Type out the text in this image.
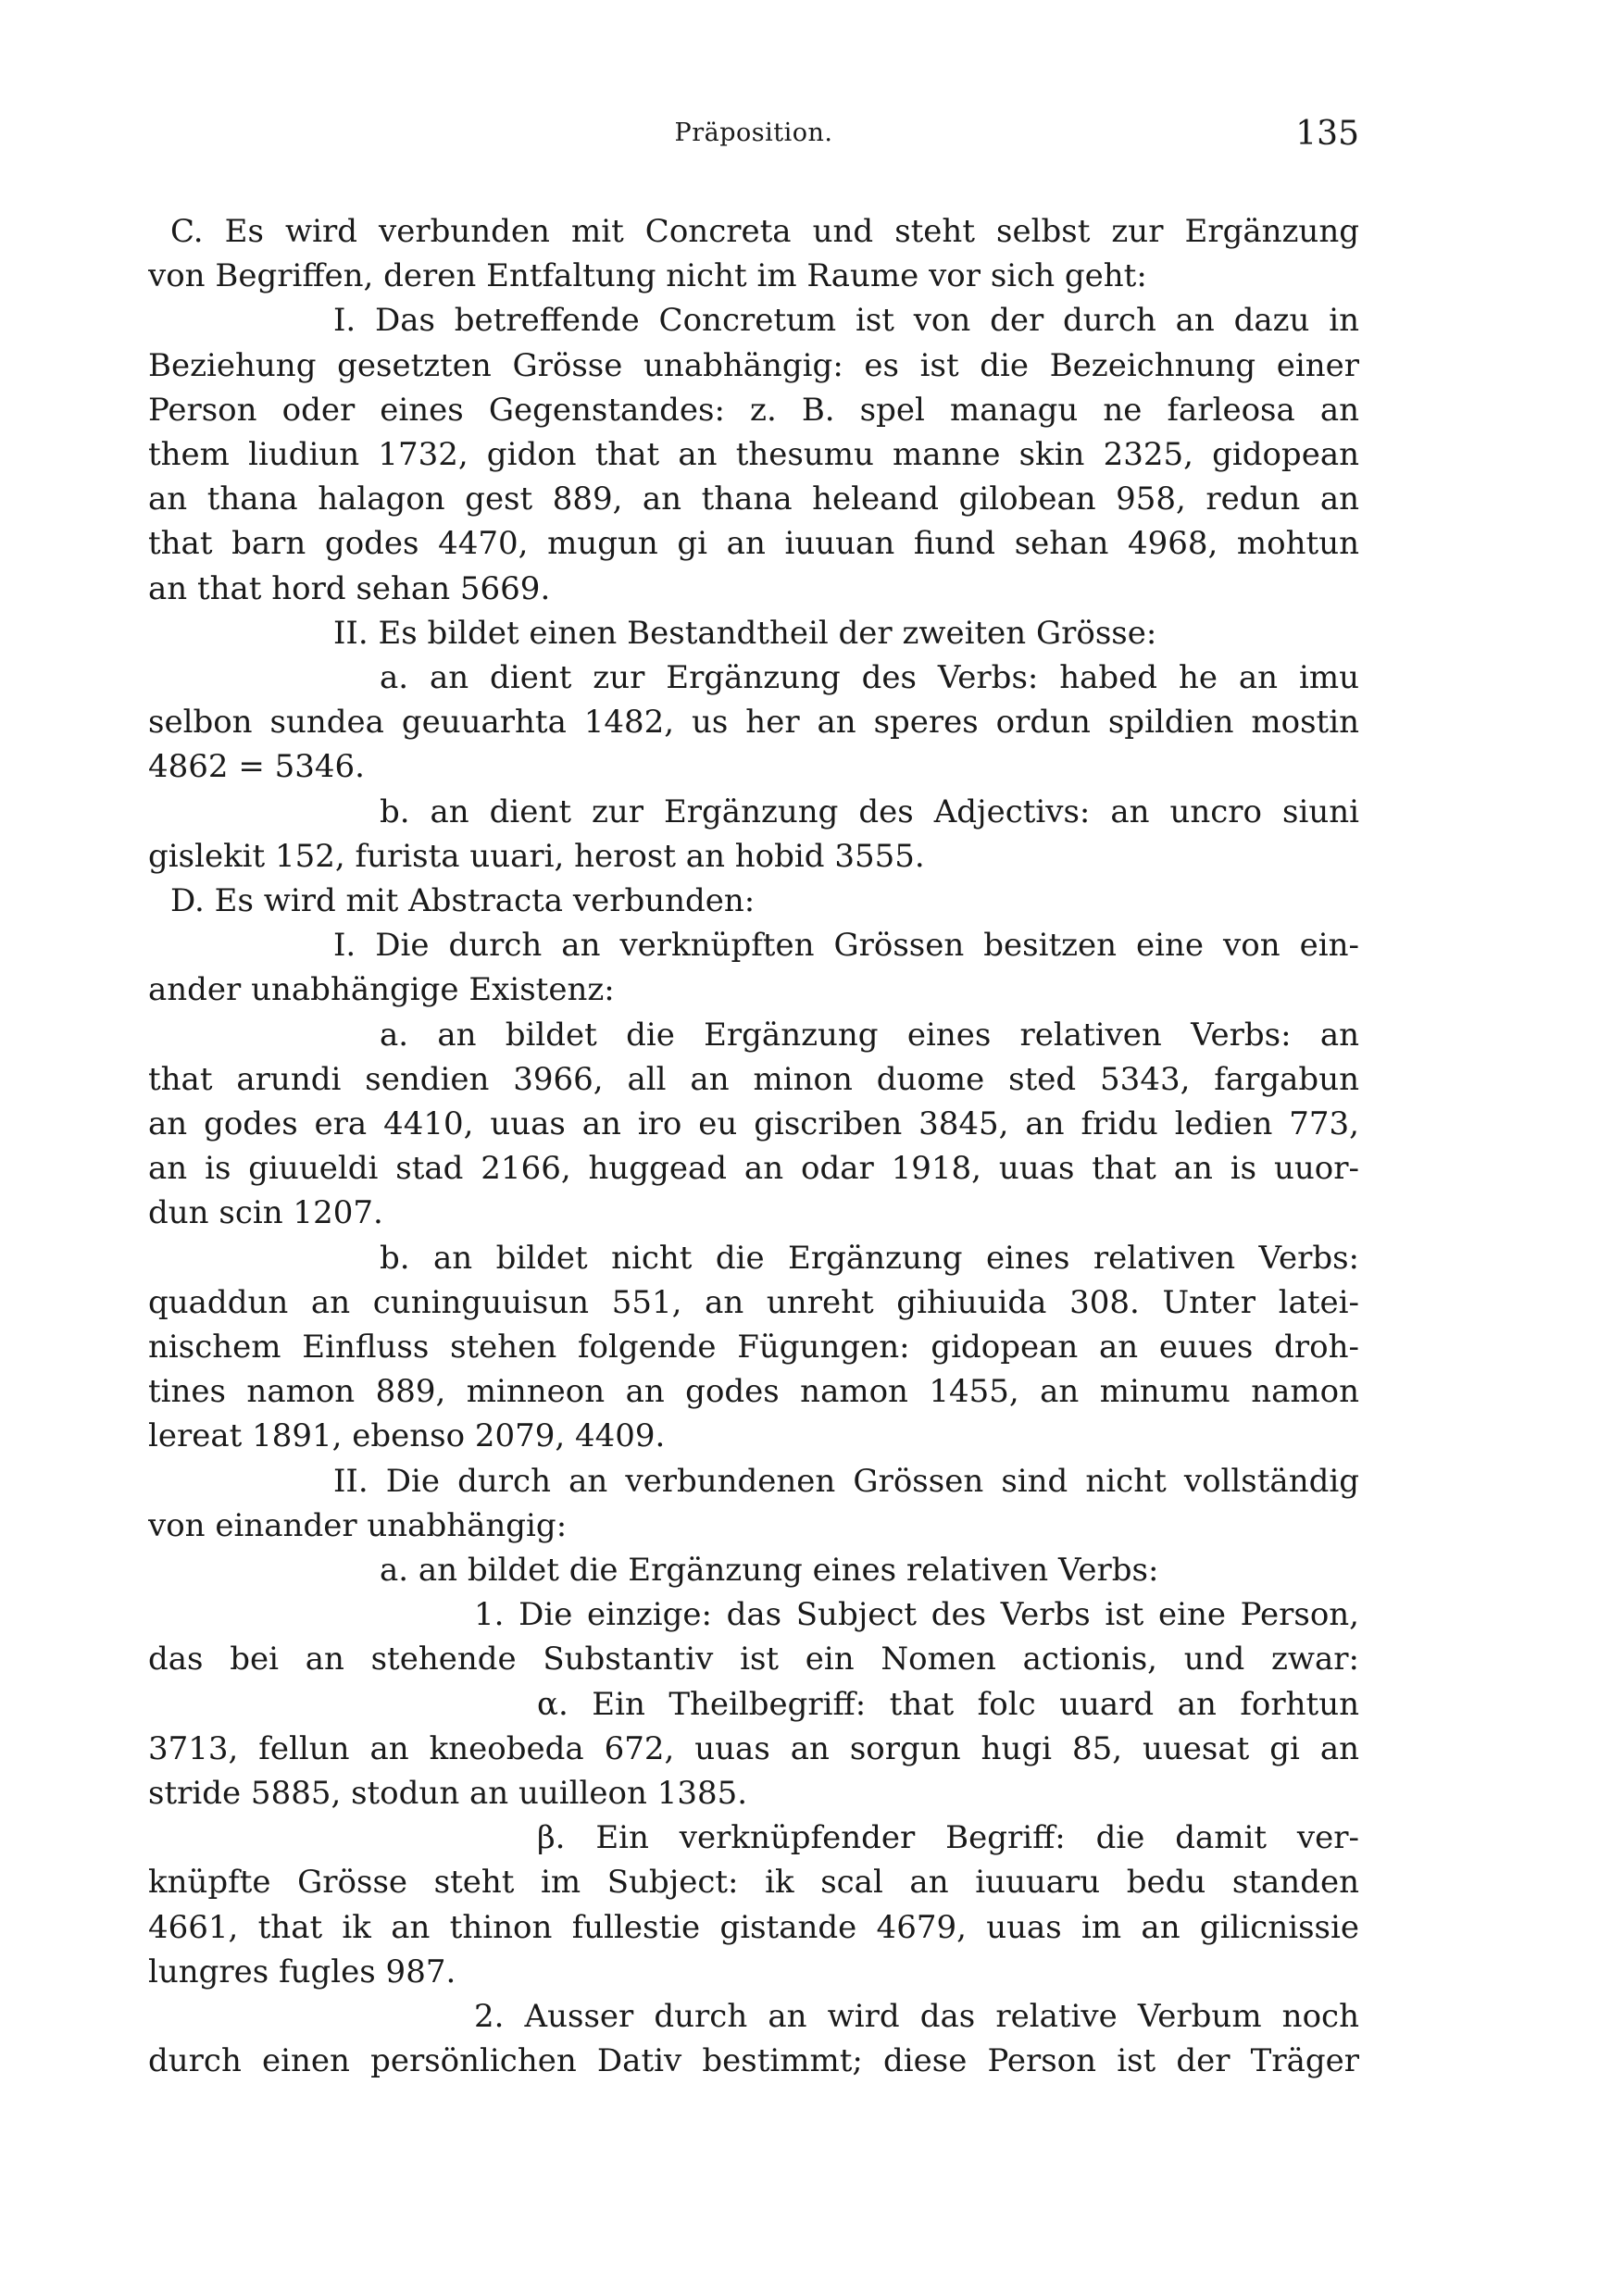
Präposition.	135
C. Es wird verbunden mit Concreta und steht selbst zur Ergänzung
von Begriffen, deren Entfaltung nicht im Raume vor sich geht:
I. Das betreffende Concretum ist von der durch an dazu in
Beziehung gesetzten Grösse unabhängig: es ist die Bezeichnung einer
Person oder eines Gegenstandes: z. B. spel managu ne farleosa an
them liudiun 1732, gidon that an thesumu manne skin 2325, gidopean
an thana halagon gest 889, an thana heleand gilobean 958, redun an
that barn godes 4470, mugun gi an iuuuan fiund sehan 4968, mohtun
an that hord sehan 5669.
II. Es bildet einen Bestandtheil der zweiten Grösse:
a. an dient zur Ergänzung des Verbs: habed he an imu
selbon sundea geuuarhta 1482, us her an speres ordun spildien mostin
4862 = 5346.
b. an dient zur Ergänzung des Adjectivs: an uncro siuni
gislekit 152, furista uuari, herost an hobid 3555.
D. Es wird mit Abstracta verbunden:
I. Die durch an verknüpften Grössen besitzen eine von ein-
ander unabhängige Existenz:
a. an bildet die Ergänzung eines relativen Verbs: an
that arundi sendien 3966, all an minon duome sted 5343, fargabun
an godes era 4410, uuas an iro eu giscriben 3845, an fridu ledien 773,
an is giuueldi stad 2166, huggead an odar 1918, uuas that an is uuor-
dun scin 1207.
b. an bildet nicht die Ergänzung eines relativen Verbs:
quaddun an cuninguuisun 551, an unreht gihiuuida 308. Unter latei-
nischem Einfluss stehen folgende Fügungen: gidopean an euues droh-
tines namon 889, minneon an godes namon 1455, an minumu namon
lereat 1891, ebenso 2079, 4409.
II. Die durch an verbundenen Grössen sind nicht vollständig
von einander unabhängig:
a. an bildet die Ergänzung eines relativen Verbs:
1. Die einzige: das Subject des Verbs ist eine Person,
das bei an stehende Substantiv ist ein Nomen actionis, und zwar:
α. Ein Theilbegriff: that folc uuard an forhtun
3713, fellun an kneobeda 672, uuas an sorgun hugi 85, uuesat gi an
stride 5885, stodun an uuilleon 1385.
β. Ein verknüpfender Begriff: die damit ver-
knüpfte Grösse steht im Subject: ik scal an iuuuaru bedu standen
4661, that ik an thinon fullestie gistande 4679, uuas im an gilicnissie
lungres fugles 987.
2. Ausser durch an wird das relative Verbum noch
durch einen persönlichen Dativ bestimmt; diese Person ist der Träger
